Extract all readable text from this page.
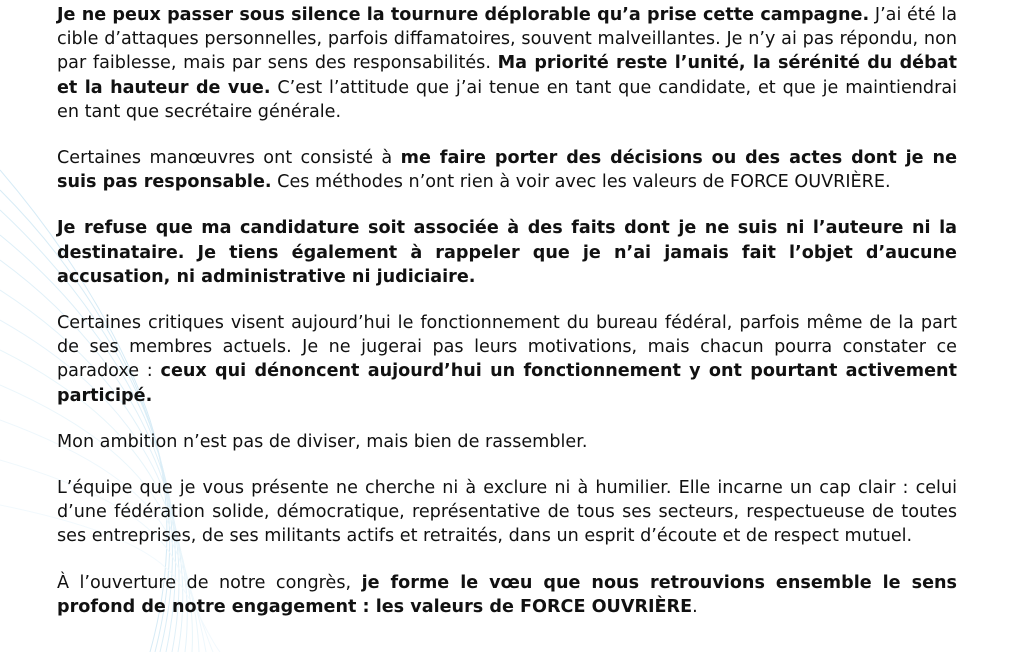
Je ne peux passer sous silence la tournure déplorable qu’a prise cette campagne. J’ai été la cible d’attaques personnelles, parfois diffamatoires, souvent malveillantes. Je n’y ai pas répondu, non par faiblesse, mais par sens des responsabilités. Ma priorité reste l’unité, la sérénité du débat et la hauteur de vue. C’est l’attitude que j’ai tenue en tant que candidate, et que je maintiendrai en tant que secrétaire générale.

Certaines manœuvres ont consisté à me faire porter des décisions ou des actes dont je ne suis pas responsable. Ces méthodes n’ont rien à voir avec les valeurs de FORCE OUVRIÈRE.

Je refuse que ma candidature soit associée à des faits dont je ne suis ni l’auteure ni la destinataire. Je tiens également à rappeler que je n’ai jamais fait l’objet d’aucune accusation, ni administrative ni judiciaire.

Certaines critiques visent aujourd’hui le fonctionnement du bureau fédéral, parfois même de la part de ses membres actuels. Je ne jugerai pas leurs motivations, mais chacun pourra constater ce paradoxe : ceux qui dénoncent aujourd’hui un fonctionnement y ont pourtant activement participé.

Mon ambition n’est pas de diviser, mais bien de rassembler.

L’équipe que je vous présente ne cherche ni à exclure ni à humilier. Elle incarne un cap clair : celui d’une fédération solide, démocratique, représentative de tous ses secteurs, respectueuse de toutes ses entreprises, de ses militants actifs et retraités, dans un esprit d’écoute et de respect mutuel.

À l’ouverture de notre congrès, je forme le vœu que nous retrouvions ensemble le sens profond de notre engagement : les valeurs de FORCE OUVRIÈRE.
